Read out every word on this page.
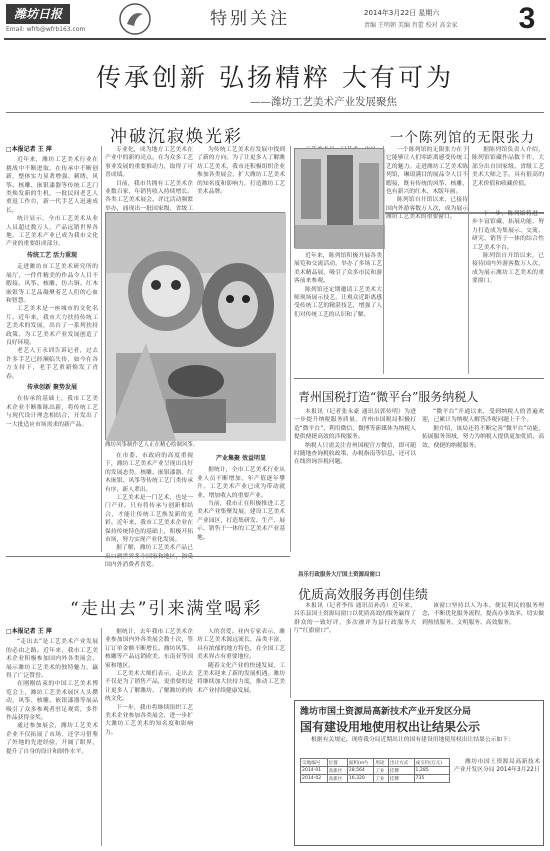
潍坊日报
Email: wfrb@wfrb163.com
特别关注	2014年3月22日 星期六
责编 王明朝 美编 肖蕾 校对 高金家 3
传承创新 弘扬精粹 大有可为
——潍坊工艺美术产业发展聚焦
冲破沉寂焕光彩	一个陈列馆的无限张力
□本报记者 王 萍

近年来，潍坊工艺美术行业在挑战中不断进取，在传承中不断创新，整体实力显著增强。刺绣、风筝、核雕、嵌银漆器等传统工艺门类焕发新的生机，一批民间老艺人重返工作台，新一代手艺人迅速成长。

统计显示，全市工艺美术从业人员超过数万人，产品远销世界各地，工艺美术产业已成为我市文化产业的重要组成部分。

传统工艺 活力重现

走进潍坊市工艺美术研究所的展厅，一件件精美的作品令人目不暇接。风筝、核雕、仿古铜、红木嵌银等工艺品凝聚着艺人们的心血和智慧。

工艺美术是一座城市的文化名片。近年来，我市大力扶持传统工艺美术的发展，出台了一系列扶持政策，为工艺美术产业发展创造了良好环境。

老艺人王永训告诉记者，过去许多手艺已经濒临失传，如今在各方支持下，老手艺重新焕发了青春。

传承创新 聚势发展

在传承的基础上，我市工艺美术企业不断推陈出新，将传统工艺与现代设计理念相结合，开发出了一大批适应市场需求的新产品。

专业化，成为地方工艺美术在产业中的新的亮点。在为众多工艺事业发展的重要推动力，取得了可喜成绩。

目前，我市共拥有工艺美术企业数百家，年销售收入持续增长。各类工艺美术展会、评比活动频繁举办，涌现出一批国家级、省级工

为传统工艺美术在发展中找到了新的方向。为了让更多人了解潍坊工艺美术，我市还积极组织企业参加各类展会，扩大潍坊工艺美术的知名度和影响力，打造潍坊工艺美术品牌。

潍坊风筝制作艺人正在精心绘制风筝。

在市委、市政府的高度重视下，潍坊工艺美术产业呈现出良好的发展态势。核雕、嵌银漆器、红木嵌银、风筝等传统工艺门类传承有序，新人辈出。

工艺美术是一门艺术，也是一门产业。只有将传承与创新相结合，才能让传统工艺焕发新的光彩。近年来，我市工艺美术企业在保持传统特色的基础上，积极开拓市场，努力实现产业化发展。

据了解，潍坊工艺美术产品已 国内外消费者喜爱。

产业集聚 效益明显

据统计，全市工艺美术行业从业人员不断增加，年产值逐年攀升。工艺美术产业已成为带动就业、增加收入的重要产业。

当前，我市正在积极推进工艺美术产业集聚发展，建设工艺美术产业园区，打造集研发、生产、展示、销售于一体的工艺美术产业基地。

一个陈列馆的无限张力在于它能够让人们零距离感受传统工艺的魅力。走进潍坊工艺美术陈列馆，琳琅满目的展品令人目不暇接，既有传统的风筝、核雕，也有新兴的红木、木版年画。

陈列馆自开馆以来，已接待国内外游客数万人次，成为展示潍坊工艺美术的重要窗口。

据陈列馆负责人介绍，陈列馆馆藏作品数千件，大部分出自国家级、省级工艺美术大师之手，具有很高的艺术价值和收藏价值。

近年来，陈列馆积极开展各类展览和交流活动，举办了多场工艺美术精品展，吸引了众多市民和游客前来参观。

陈列馆还定期邀请工艺美术大师现场展示技艺，让观众近距离感受传统工艺的精湛技艺，增强了人们对传统工艺的认识和了解。

下一步，陈列馆将进一步丰富馆藏，拓展功能，努力打造成为集展示、交流、研究、销售于一体的综合性工艺美术平台。

陈列馆自开馆以来，已接待国内外游客数万人次，成为展示潍坊工艺美术的重要窗口。

青州国税打造“微平台”服务纳税人

本报讯（记者张永豪 通讯员郭传明）为进一步提升纳税服务质量，青州市国税局积极打造“微平台”，利用微信、微博等新媒体为纳税人提供便捷高效的涉税服务。

纳税人只需关注青州国税官方微信，即可随时随地查询税收政策、办税指南等信息，还可以在线咨询涉税问题。

“微平台”开通以来，受到纳税人的普遍欢迎，已累计为纳税人解答涉税问题上千个。

据介绍，该局还将不断完善“微平台”功能，拓展服务领域，努力为纳税人提供更加优质、高效、便捷的纳税服务。

昌乐行政服务大厅国土资源局窗口
优质高效服务再创佳绩

本报讯（记者李伟 通讯员孙涛）近年来，昌乐县国土资源局窗口以优质高效的服务赢得了群众的一致好评，多次被评为县行政服务大厅“红旗窗口”。

该窗口坚持以人为本、便民利民的服务理念，不断优化服务流程，提高办事效率，切实做到热情服务、文明服务、高效服务。

“走出去”引来满堂喝彩
□本报记者 王 萍

“走出去”是工艺美术产业发展的必由之路。近年来，我市工艺美术企业积极参加国内外各类展会，展示潍坊工艺美术的独特魅力，赢得了广泛赞誉。

在刚刚结束的中国工艺美术博览会上，潍坊工艺美术展区人头攒动，风筝、核雕、嵌银漆器等展品吸引了众多参观者驻足观赏，多件作品获得金奖。

通过参加展会，潍坊工艺美术企业不仅拓展了市场，还学习借鉴了外地的先进经验，开阔了眼界，提升了自身的设计和制作水平。

据统计，去年我市工艺美术企业参加国内外各类展会数十次，签订订单金额不断增长。潍坊风筝、核雕等产品远销欧美、东南亚等国家和地区。

工艺美术大师们表示，走出去不仅是为了销售产品，更重要的是让更多人了解潍坊、了解潍坊的传统文化。

下一步，我市将继续组织工艺美术企业参加各类展会，进一步扩大潍坊工艺美术的知名度和影响力。

人的喜爱。业内专家表示，潍坊工艺美术源远流长，品类丰富，具有浓郁的地方特色，在全国工艺美术界占有重要地位。

随着文化产业的快速发展，工艺美术迎来了新的发展机遇。潍坊将继续加大扶持力度，推动工艺美术产业持续健康发展。

潍坊市国土资源局高新技术产业开发区分局
国有建设用地使用权出让结果公示

根据有关规定，现将我分局近期出让的国有建设用地使用权出让结果公示如下：

宗地编号	位置	面积(m²)	用途	出让方式	成交价(万元)
2014-01	高新区	28,564	工业	挂牌	1,285
2014-02	高新区	16,320	工业	挂牌	735

潍坊市国土资源局高新技术产业开发区分局 2014年3月22日
